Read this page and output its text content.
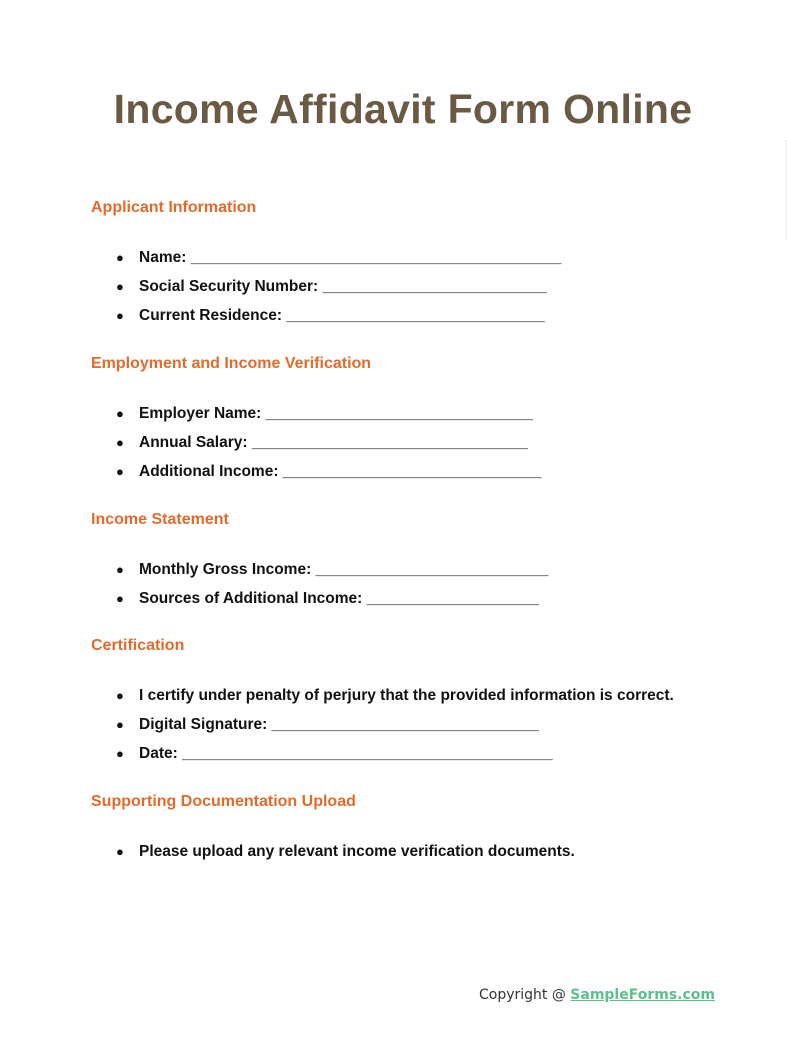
Income Affidavit Form Online
Applicant Information
● Name: ___________________________________________
●Social Security Number: __________________________
● Current Residence: ______________________________
Employment and Income Verification
● Employer Name: _______________________________
● Annual Salary: ________________________________
● Additional Income: ______________________________
Income Statement
● Monthly Gross Income: ___________________________
●Sources of Additional Income: ____________________
Certification
● I certify under penalty of perjury that the provided information is correct.
● Digital Signature: _______________________________
● Date: ___________________________________________
Supporting Documentation Upload
● Please upload any relevant income verification documents.
Copyright @ SampleForms.com
